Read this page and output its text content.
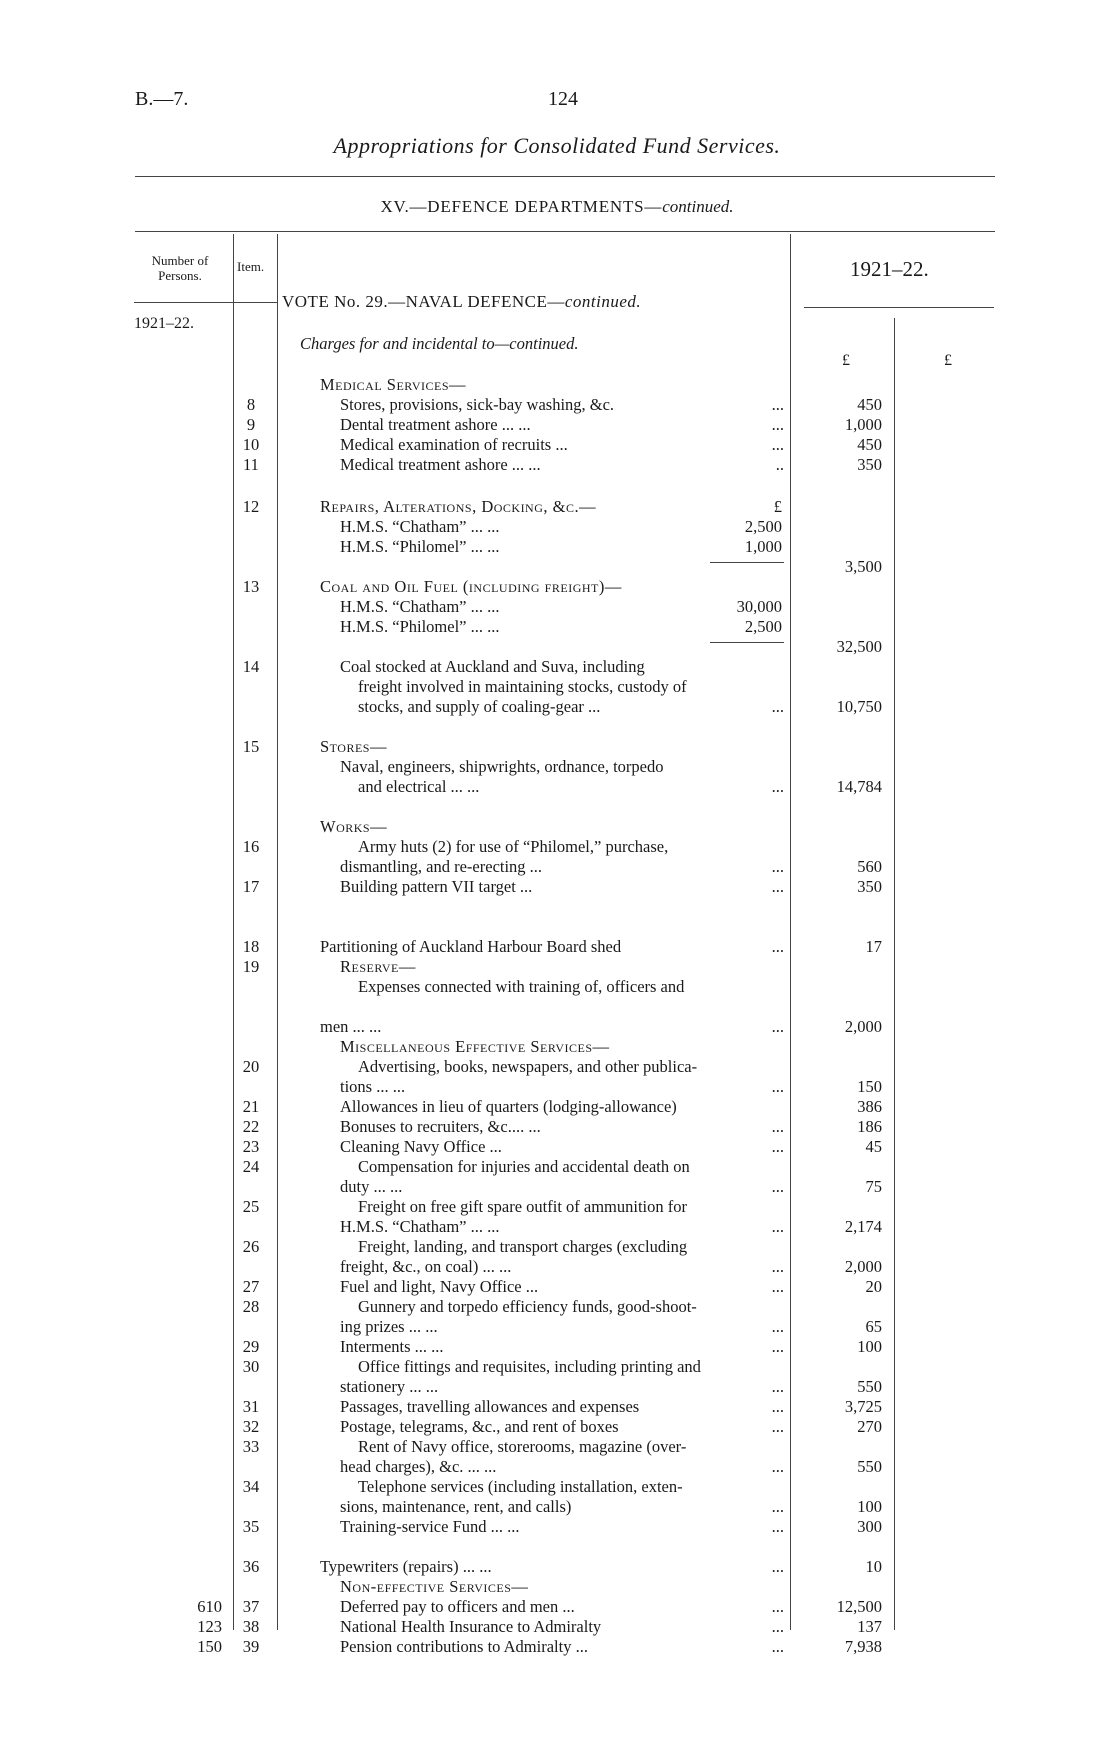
B.—7.	124
Appropriations for Consolidated Fund Services.
XV.—DEFENCE DEPARTMENTS—continued.
Number of Persons.
Item.	1921–22.
VOTE No. 29.—NAVAL DEFENCE—continued.
1921–22.
£	£
Charges for and incidental to—continued.
Medical Services—
8	Stores, provisions, sick-bay washing, &c.	...	450
9	Dental treatment ashore ... ...	...	1,000
10	Medical examination of recruits ...	...	450
11	Medical treatment ashore ... ...	..	350
12	Repairs, Alterations, Docking, &c.—	£
H.M.S. “Chatham” ... ...	2,500
H.M.S. “Philomel” ... ...	1,000
3,500
13	Coal and Oil Fuel (including freight)—
H.M.S. “Chatham” ... ...	30,000
H.M.S. “Philomel” ... ...	2,500
32,500
14	Coal stocked at Auckland and Suva, including
freight involved in maintaining stocks, custody of
stocks, and supply of coaling-gear ...	...	10,750
15	Stores—
Naval, engineers, shipwrights, ordnance, torpedo
and electrical ... ...	...	14,784
Works—
16	Army huts (2) for use of “Philomel,” purchase,
dismantling, and re-erecting ...	...	560
17	Building pattern VII target ...	...	350
18	Partitioning of Auckland Harbour Board shed	...	17
19	Reserve—
Expenses connected with training of, officers and
men ... ...	...	2,000
Miscellaneous Effective Services—
20	Advertising, books, newspapers, and other publica-
tions ... ...	...	150
21	Allowances in lieu of quarters (lodging-allowance)	386
22	Bonuses to recruiters, &c.... ...	...	186
23	Cleaning Navy Office ...	...	45
24	Compensation for injuries and accidental death on
duty ... ...	...	75
25	Freight on free gift spare outfit of ammunition for
H.M.S. “Chatham” ... ...	...	2,174
26	Freight, landing, and transport charges (excluding
freight, &c., on coal) ... ...	...	2,000
27	Fuel and light, Navy Office ...	...	20
28	Gunnery and torpedo efficiency funds, good-shoot-
ing prizes ... ...	...	65
29	Interments ... ...	...	100
30	Office fittings and requisites, including printing and
stationery ... ...	...	550
31	Passages, travelling allowances and expenses	...	3,725
32	Postage, telegrams, &c., and rent of boxes	...	270
33	Rent of Navy office, storerooms, magazine (over-
head charges), &c. ... ...	...	550
34	Telephone services (including installation, exten-
sions, maintenance, rent, and calls)	...	100
35	Training-service Fund ... ...	...	300
36	Typewriters (repairs) ... ...	...	10
Non-effective Services—
610	37	Deferred pay to officers and men ...	...	12,500
123	38	National Health Insurance to Admiralty	...	137
150	39	Pension contributions to Admiralty ...	...	7,938
